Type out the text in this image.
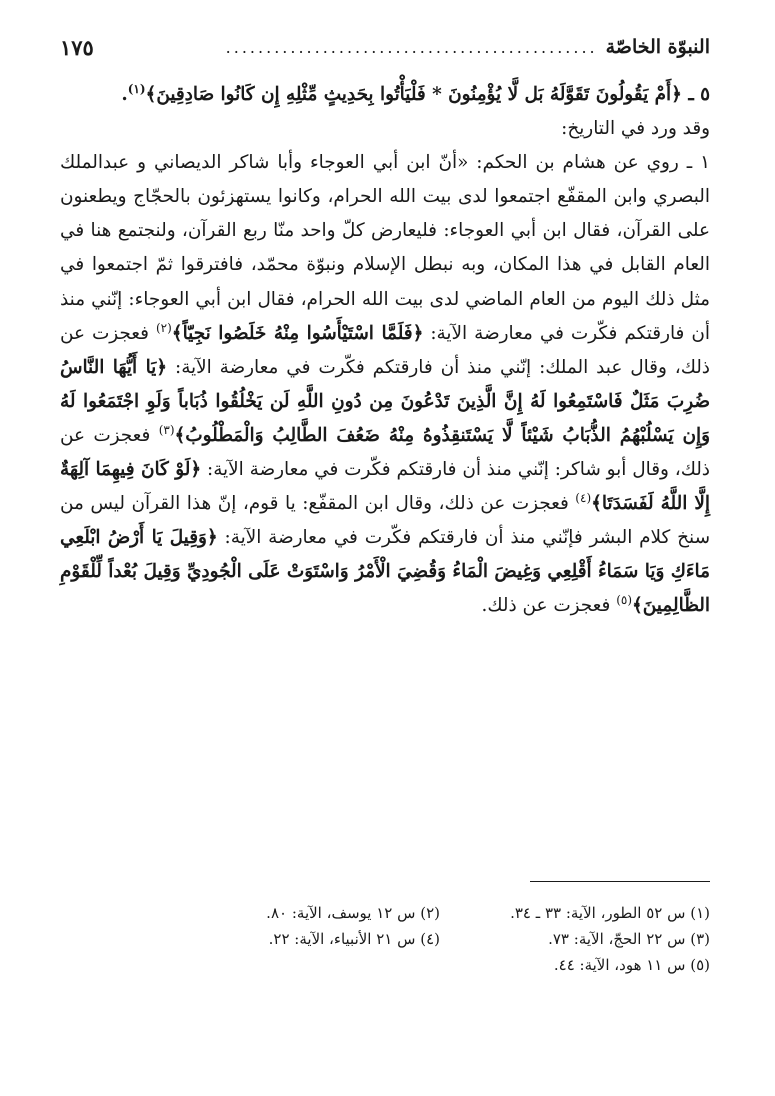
النبوّة الخاصّة
..............................................
١٧٥

٥ ـ ﴿أَمْ يَقُولُونَ تَقَوَّلَهُ بَل لَّا يُؤْمِنُونَ * فَلْيَأْتُوا بِحَدِيثٍ مِّثْلِهِ إِن كَانُوا صَادِقِينَ﴾$^{(١)}$.

وقد ورد في التاريخ:

١ ـ روي عن هشام بن الحكم: «أنّ ابن أبي العوجاء وأبا شاكر الديصاني و عبدالملك البصري وابن المقفّع اجتمعوا لدى بيت الله الحرام، وكانوا يستهزئون بالحجّاج ويطعنون على القرآن، فقال ابن أبي العوجاء: فليعارض كلّ واحد منّا ربع القرآن، ولنجتمع هنا في العام القابل في هذا المكان، وبه نبطل الإسلام ونبوّة محمّد، فافترقوا ثمّ اجتمعوا في مثل ذلك اليوم من العام الماضي لدى بيت الله الحرام، فقال ابن أبي العوجاء: إنّني منذ أن فارقتكم فكّرت في معارضة الآية: ﴿فَلَمَّا اسْتَيْأَسُوا مِنْهُ خَلَصُوا نَجِيّاً﴾$^{(٢)}$ فعجزت عن ذلك، وقال عبد الملك: إنّني منذ أن فارقتكم فكّرت في معارضة الآية: ﴿يَا أَيُّهَا النَّاسُ ضُرِبَ مَثَلٌ فَاسْتَمِعُوا لَهُ إِنَّ الَّذِينَ تَدْعُونَ مِن دُونِ اللَّهِ لَن يَخْلُقُوا ذُبَاباً وَلَوِ اجْتَمَعُوا لَهُ وَإِن يَسْلُبْهُمُ الذُّبَابُ شَيْئاً لَّا يَسْتَنقِذُوهُ مِنْهُ ضَعُفَ الطَّالِبُ وَالْمَطْلُوبُ﴾$^{(٣)}$ فعجزت عن ذلك، وقال أبو شاكر: إنّني منذ أن فارقتكم فكّرت في معارضة الآية: ﴿لَوْ كَانَ فِيهِمَا آلِهَةٌ إِلَّا اللَّهُ لَفَسَدَتَا﴾$^{(٤)}$ فعجزت عن ذلك، وقال ابن المقفّع: يا قوم، إنّ هذا القرآن ليس من سنخ كلام البشر فإنّني منذ أن فارقتكم فكّرت في معارضة الآية: ﴿وَقِيلَ يَا أَرْضُ ابْلَعِي مَاءَكِ وَيَا سَمَاءُ أَقْلِعِي وَغِيضَ الْمَاءُ وَقُضِيَ الْأَمْرُ وَاسْتَوَتْ عَلَى الْجُودِيِّ وَقِيلَ بُعْداً لِّلْقَوْمِ الظَّالِمِينَ﴾$^{(٥)}$ فعجزت عن ذلك.

(١) س ٥٢ الطور، الآية: ٣٣ ـ ٣٤.
(٢) س ١٢ يوسف، الآية: ٨٠.
(٣) س ٢٢ الحجّ، الآية: ٧٣.
(٤) س ٢١ الأنبياء، الآية: ٢٢.
(٥) س ١١ هود، الآية: ٤٤.
